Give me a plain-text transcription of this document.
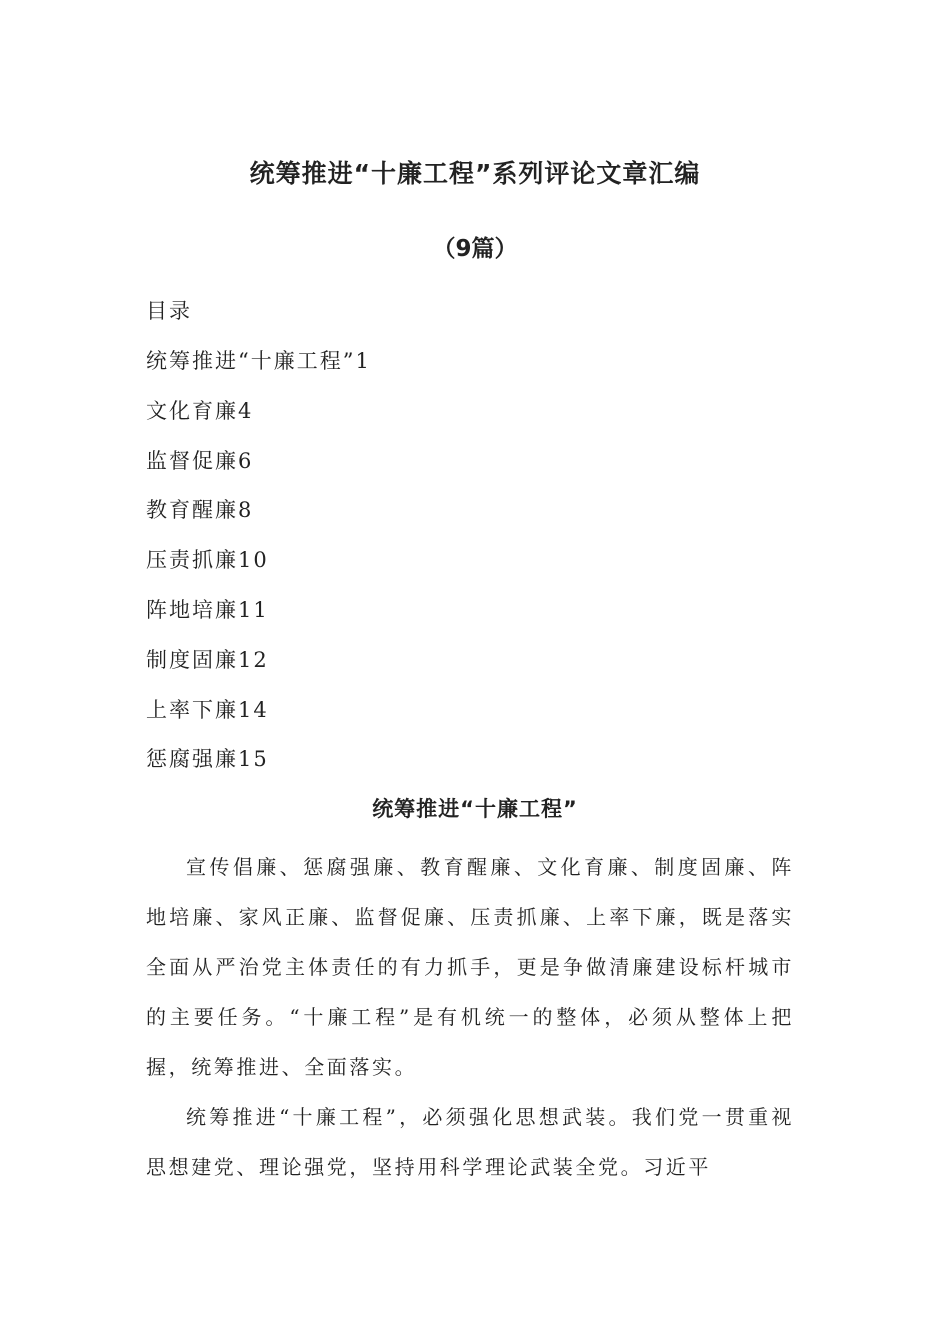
统筹推进“十廉工程”系列评论文章汇编
（9篇）
目录
统筹推进“十廉工程”1
文化育廉4
监督促廉6
教育醒廉8
压责抓廉10
阵地培廉11
制度固廉12
上率下廉14
惩腐强廉15
统筹推进“十廉工程”

宣传倡廉、惩腐强廉、教育醒廉、文化育廉、制度固廉、阵地培廉、家风正廉、监督促廉、压责抓廉、上率下廉，既是落实全面从严治党主体责任的有力抓手，更是争做清廉建设标杆城市的主要任务。“十廉工程”是有机统一的整体，必须从整体上把握，统筹推进、全面落实。

统筹推进“十廉工程”，必须强化思想武装。我们党一贯重视思想建党、理论强党，坚持用科学理论武装全党。习近平
